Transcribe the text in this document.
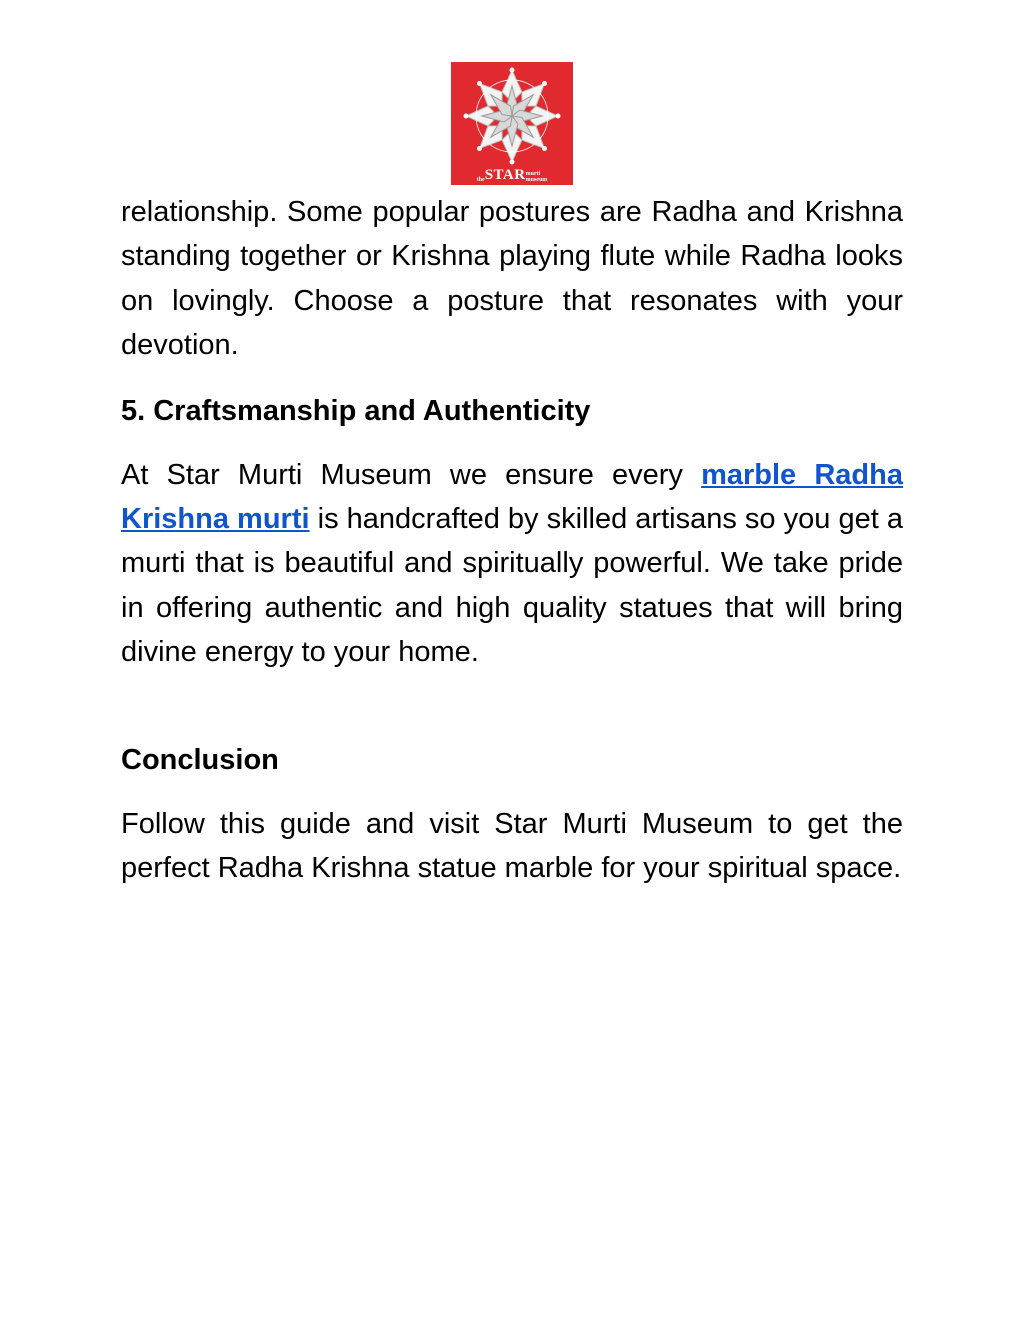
theSTARmurti
museum

relationship. Some popular postures are Radha and Krishna standing together or Krishna playing flute while Radha looks on lovingly. Choose a posture that resonates with your devotion.

5. Craftsmanship and Authenticity

At Star Murti Museum we ensure every marble Radha Krishna murti is handcrafted by skilled artisans so you get a murti that is beautiful and spiritually powerful. We take pride in offering authentic and high quality statues that will bring divine energy to your home.

Conclusion

Follow this guide and visit Star Murti Museum to get the perfect Radha Krishna statue marble for your spiritual space.
